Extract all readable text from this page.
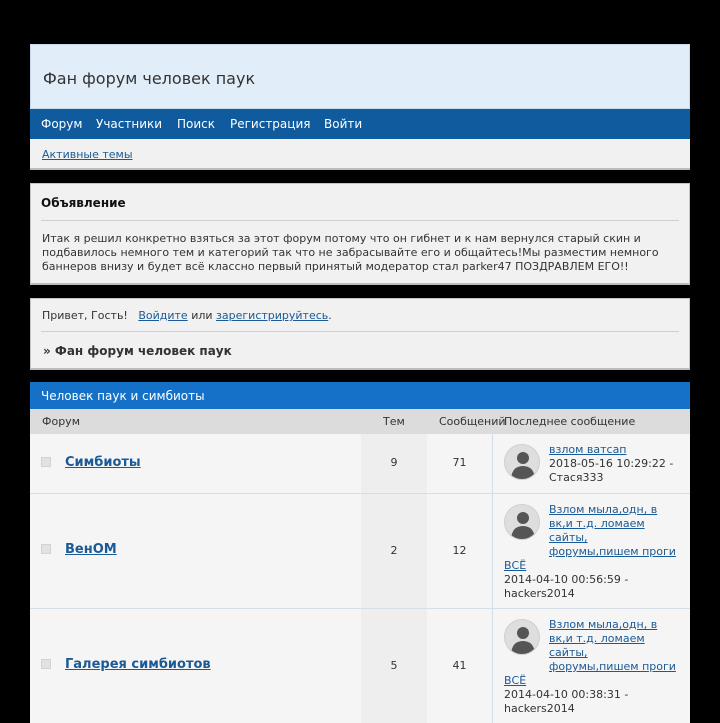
Фан форум человек паук
Форум Участники Поиск Регистрация Войти
Активные темы
Объявление
Итак я решил конкретно взяться за этот форум потому что он гибнет и к нам вернулся старый скин и подбавилось немного тем и категорий так что не забрасывайте его и общайтесь!Мы разместим немного баннеров внизу и будет всё классно первый принятый модератор стал parker47 ПОЗДРАВЛЕМ ЕГО!!
Привет, Гость! Войдите или зарегистрируйтесь.
» Фан форум человек паук
Человек паук и симбиоты
Форум	Тем	Сообщений
Последнее сообщение
Симбиоты	9	71
взлом ватсап
2018-05-16 10:29:22 -
Стася333
ВенОМ	2	12
Взлом мыла,одн, в вк,и т.д. ломаем сайты, форумы,пишем проги
ВСЁ
2014-04-10 00:56:59 -
hackers2014
Галерея симбиотов	5	41
Взлом мыла,одн, в вк,и т.д. ломаем сайты, форумы,пишем проги
ВСЁ
2014-04-10 00:38:31 -
hackers2014
